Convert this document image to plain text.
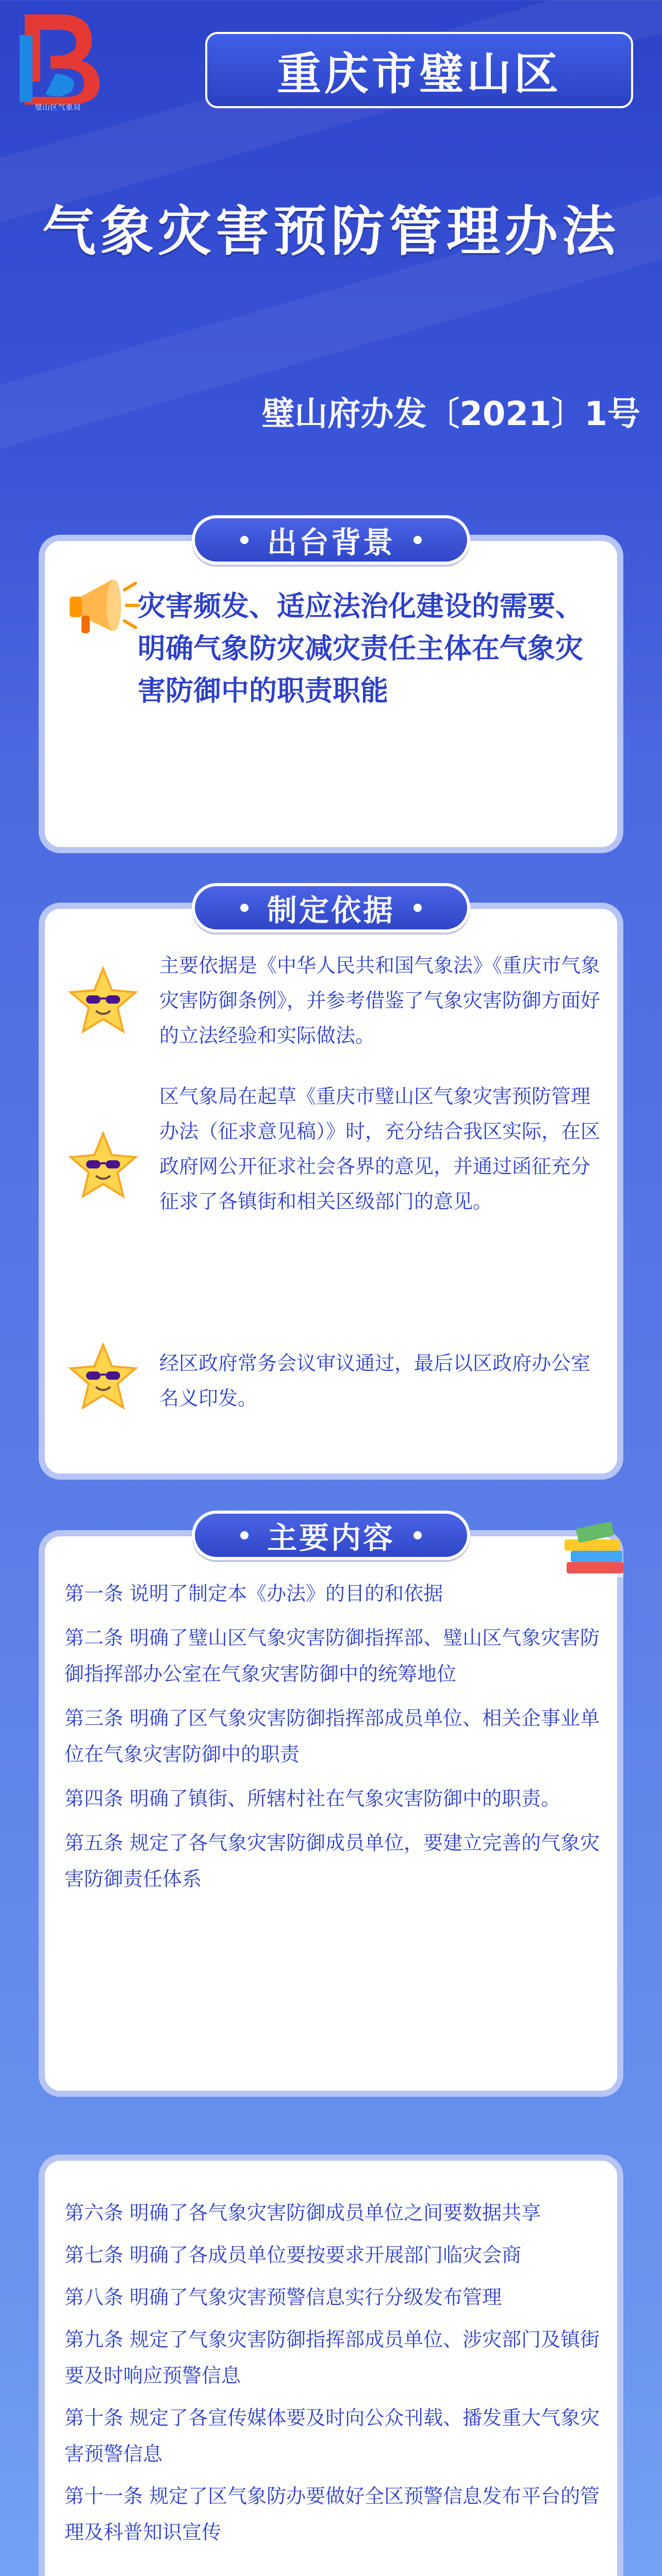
璧山区气象局
重庆市璧山区
气象灾害预防管理办法
璧山府办发〔2021〕1号
出台背景
灾害频发、适应法治化建设的需要、明确气象防灾减灾责任主体在气象灾害防御中的职责职能
制定依据
主要依据是《中华人民共和国气象法》《重庆市气象灾害防御条例》，并参考借鉴了气象灾害防御方面好的立法经验和实际做法。
区气象局在起草《重庆市璧山区气象灾害预防管理办法（征求意见稿）》时，充分结合我区实际，在区政府网公开征求社会各界的意见，并通过函征充分征求了各镇街和相关区级部门的意见。
经区政府常务会议审议通过，最后以区政府办公室名义印发。
主要内容
第一条 说明了制定本《办法》的目的和依据
第二条 明确了璧山区气象灾害防御指挥部、璧山区气象灾害防御指挥部办公室在气象灾害防御中的统筹地位
第三条 明确了区气象灾害防御指挥部成员单位、相关企事业单位在气象灾害防御中的职责
第四条 明确了镇街、所辖村社在气象灾害防御中的职责。
第五条 规定了各气象灾害防御成员单位，要建立完善的气象灾害防御责任体系
第六条 明确了各气象灾害防御成员单位之间要数据共享
第七条 明确了各成员单位要按要求开展部门临灾会商
第八条 明确了气象灾害预警信息实行分级发布管理
第九条 规定了气象灾害防御指挥部成员单位、涉灾部门及镇街要及时响应预警信息
第十条 规定了各宣传媒体要及时向公众刊载、播发重大气象灾害预警信息
第十一条 规定了区气象防办要做好全区预警信息发布平台的管理及科普知识宣传
